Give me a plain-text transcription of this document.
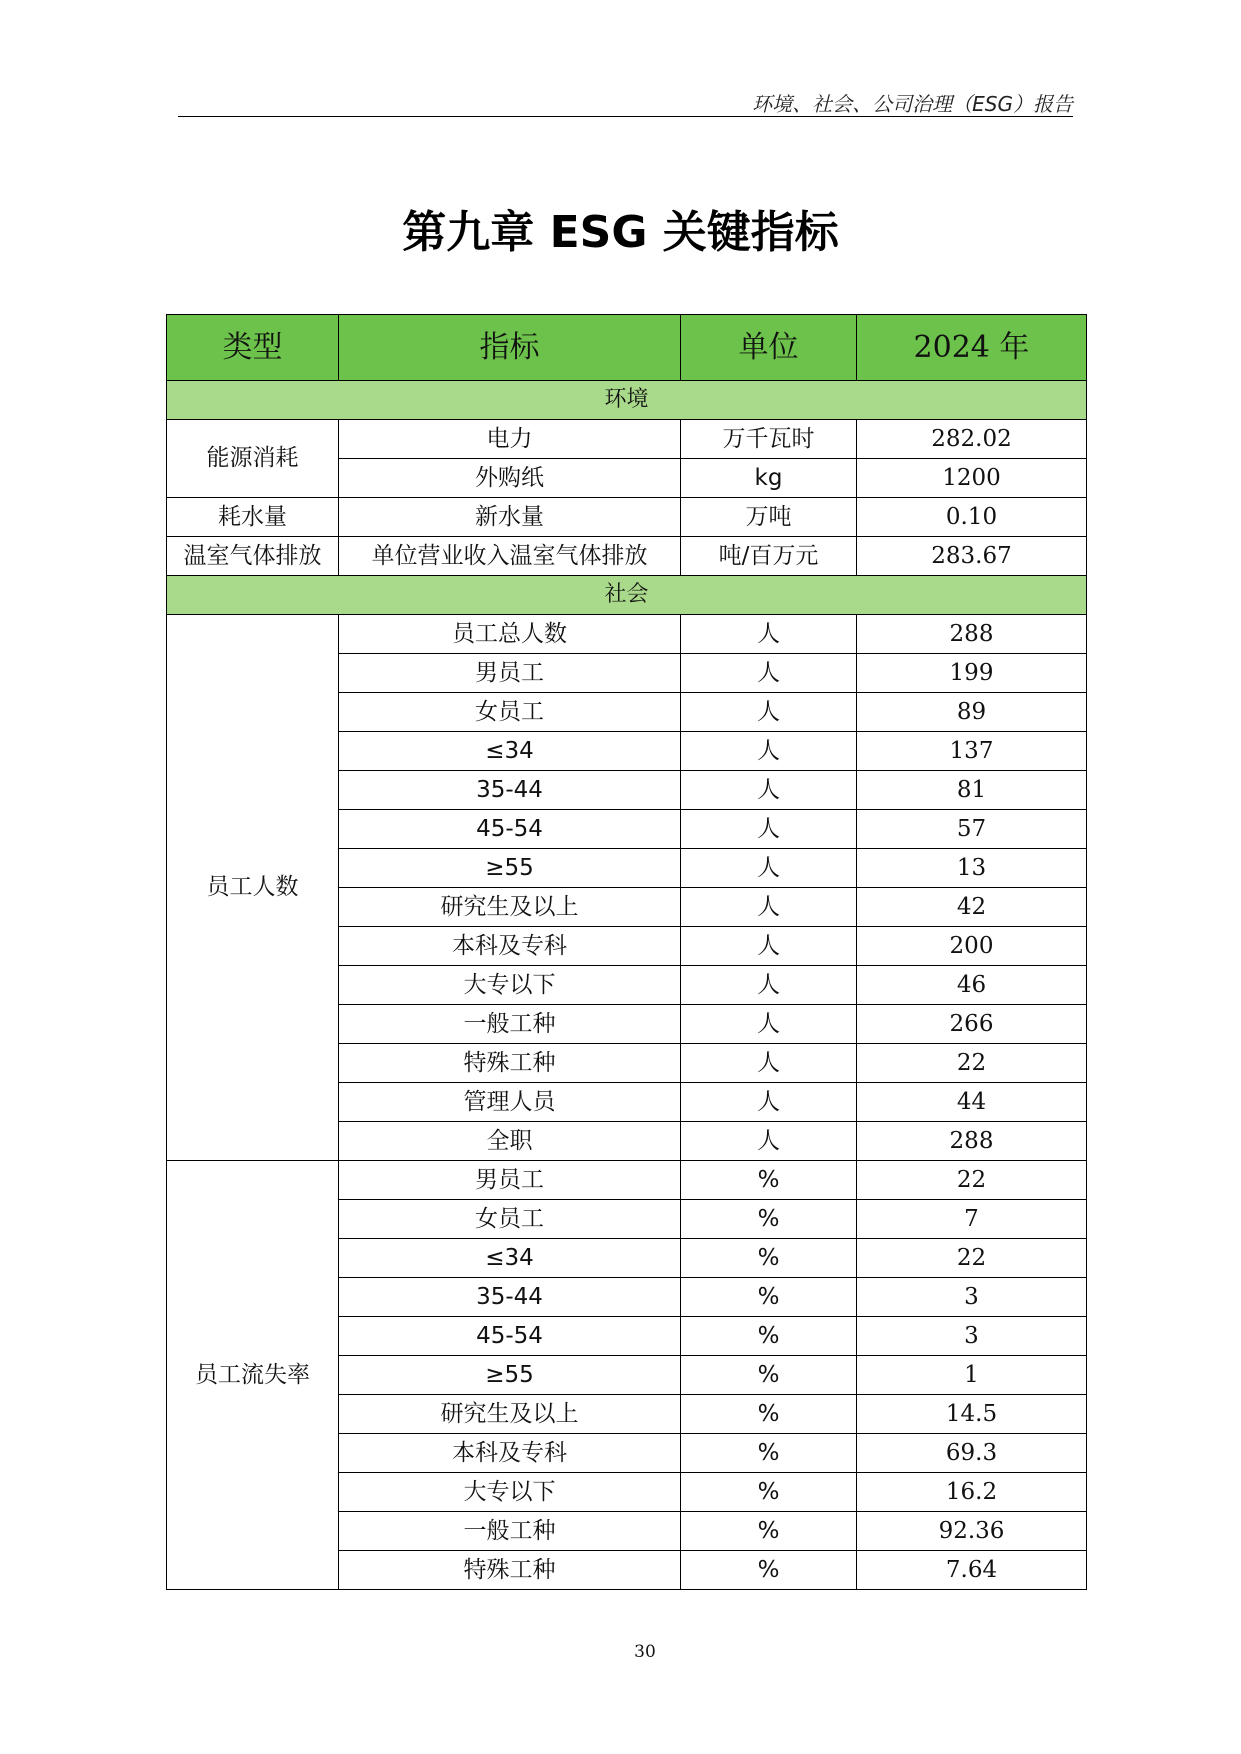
环境、社会、公司治理（ESG）报告
第九章 ESG 关键指标
类型	指标	单位	2024 年
环境			
能源消耗	电力	万千瓦时	282.02
	外购纸	kg	1200
耗水量	新水量	万吨	0.10
温室气体排放	单位营业收入温室气体排放	吨/百万元	283.67
社会			
员工人数	员工总人数	人	288
	男员工	人	199
	女员工	人	89
	≤34	人	137
	35-44	人	81
	45-54	人	57
	≥55	人	13
	研究生及以上	人	42
	本科及专科	人	200
	大专以下	人	46
	一般工种	人	266
	特殊工种	人	22
	管理人员	人	44
	全职	人	288
员工流失率	男员工	%	22
	女员工	%	7
	≤34	%	22
	35-44	%	3
	45-54	%	3
	≥55	%	1
	研究生及以上	%	14.5
	本科及专科	%	69.3
	大专以下	%	16.2
	一般工种	%	92.36
	特殊工种	%	7.64
30
